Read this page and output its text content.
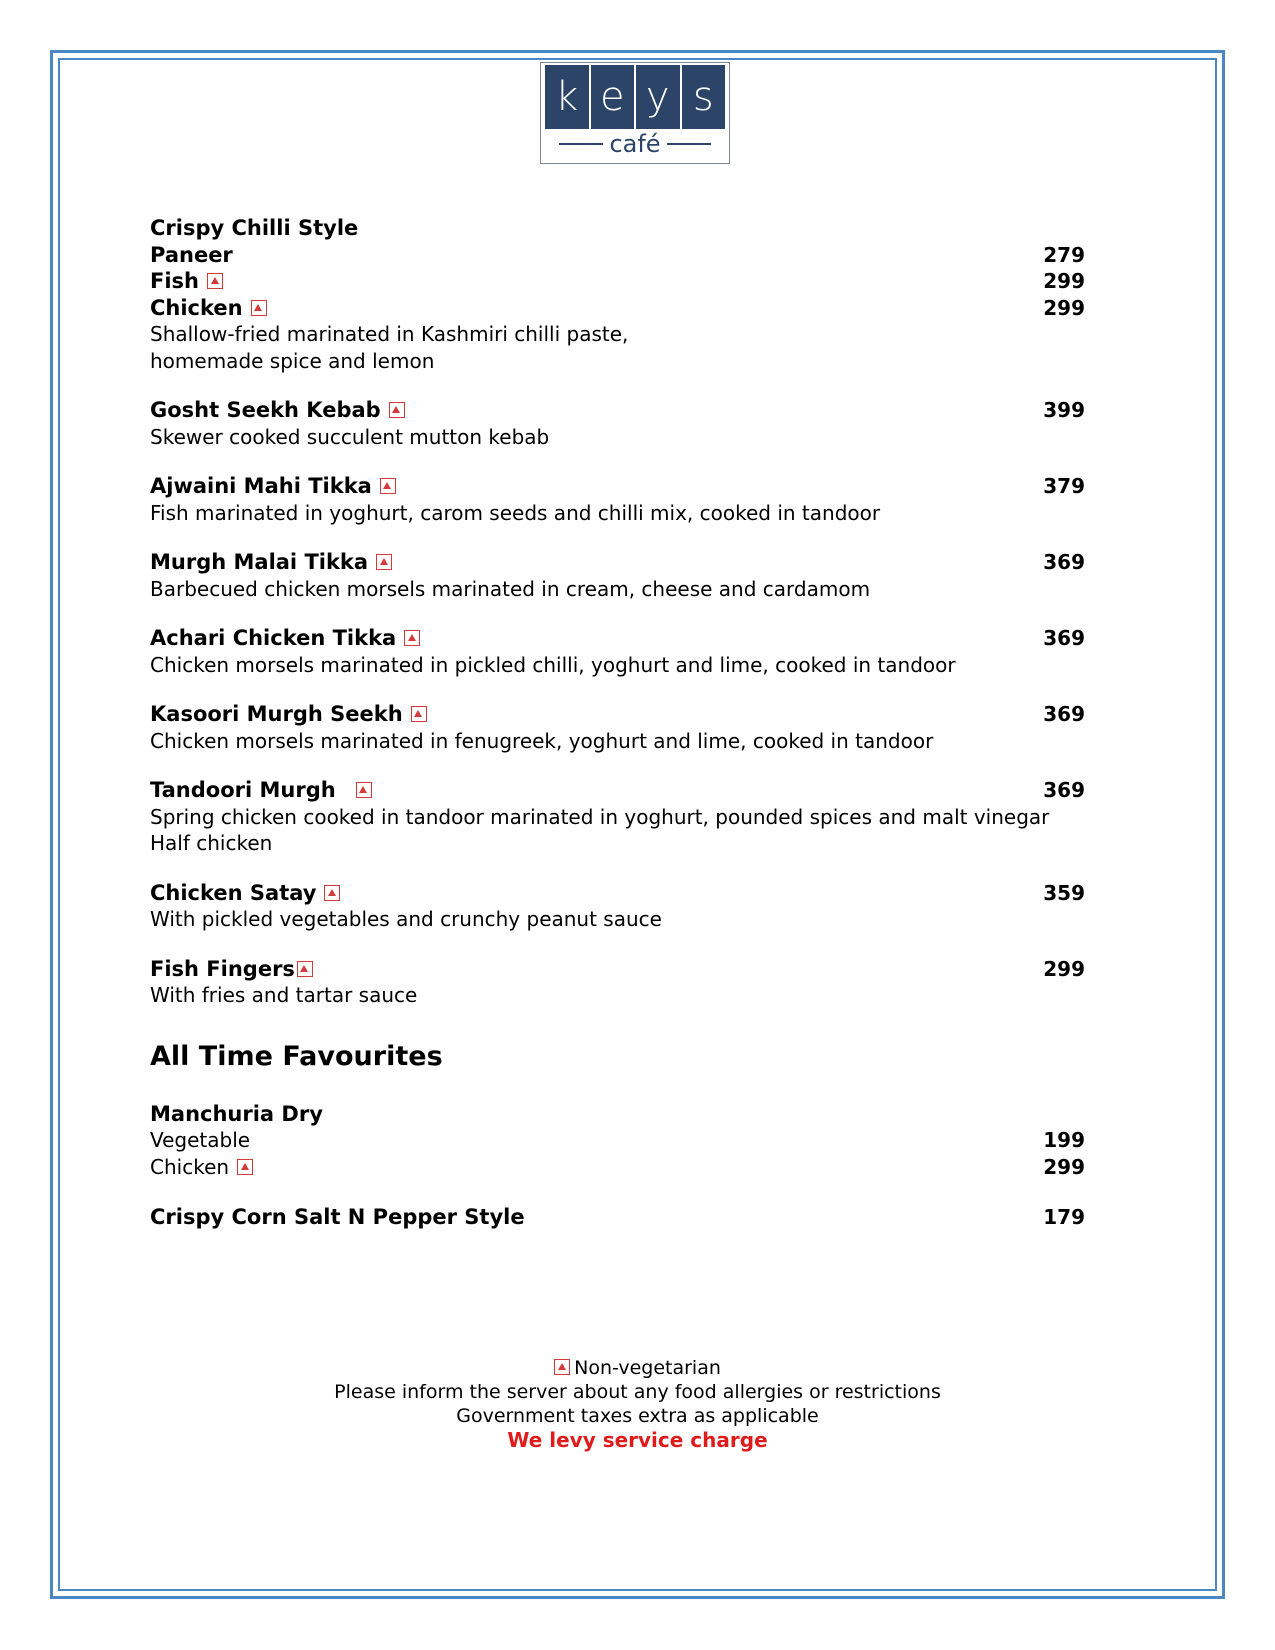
k e y s
café
Crispy Chilli Style
Paneer	279
Fish	299
Chicken	299
Shallow-fried marinated in Kashmiri chilli paste,
homemade spice and lemon
Gosht Seekh Kebab	399
Skewer cooked succulent mutton kebab
Ajwaini Mahi Tikka	379
Fish marinated in yoghurt, carom seeds and chilli mix, cooked in tandoor
Murgh Malai Tikka	369
Barbecued chicken morsels marinated in cream, cheese and cardamom
Achari Chicken Tikka	369
Chicken morsels marinated in pickled chilli, yoghurt and lime, cooked in tandoor
Kasoori Murgh Seekh	369
Chicken morsels marinated in fenugreek, yoghurt and lime, cooked in tandoor
Tandoori Murgh	369
Spring chicken cooked in tandoor marinated in yoghurt, pounded spices and malt vinegar
Half chicken
Chicken Satay	359
With pickled vegetables and crunchy peanut sauce
Fish Fingers	299
With fries and tartar sauce
All Time Favourites
Manchuria Dry
Vegetable	199
Chicken	299
Crispy Corn Salt N Pepper Style	179
Non-vegetarian
Please inform the server about any food allergies or restrictions
Government taxes extra as applicable
We levy service charge
